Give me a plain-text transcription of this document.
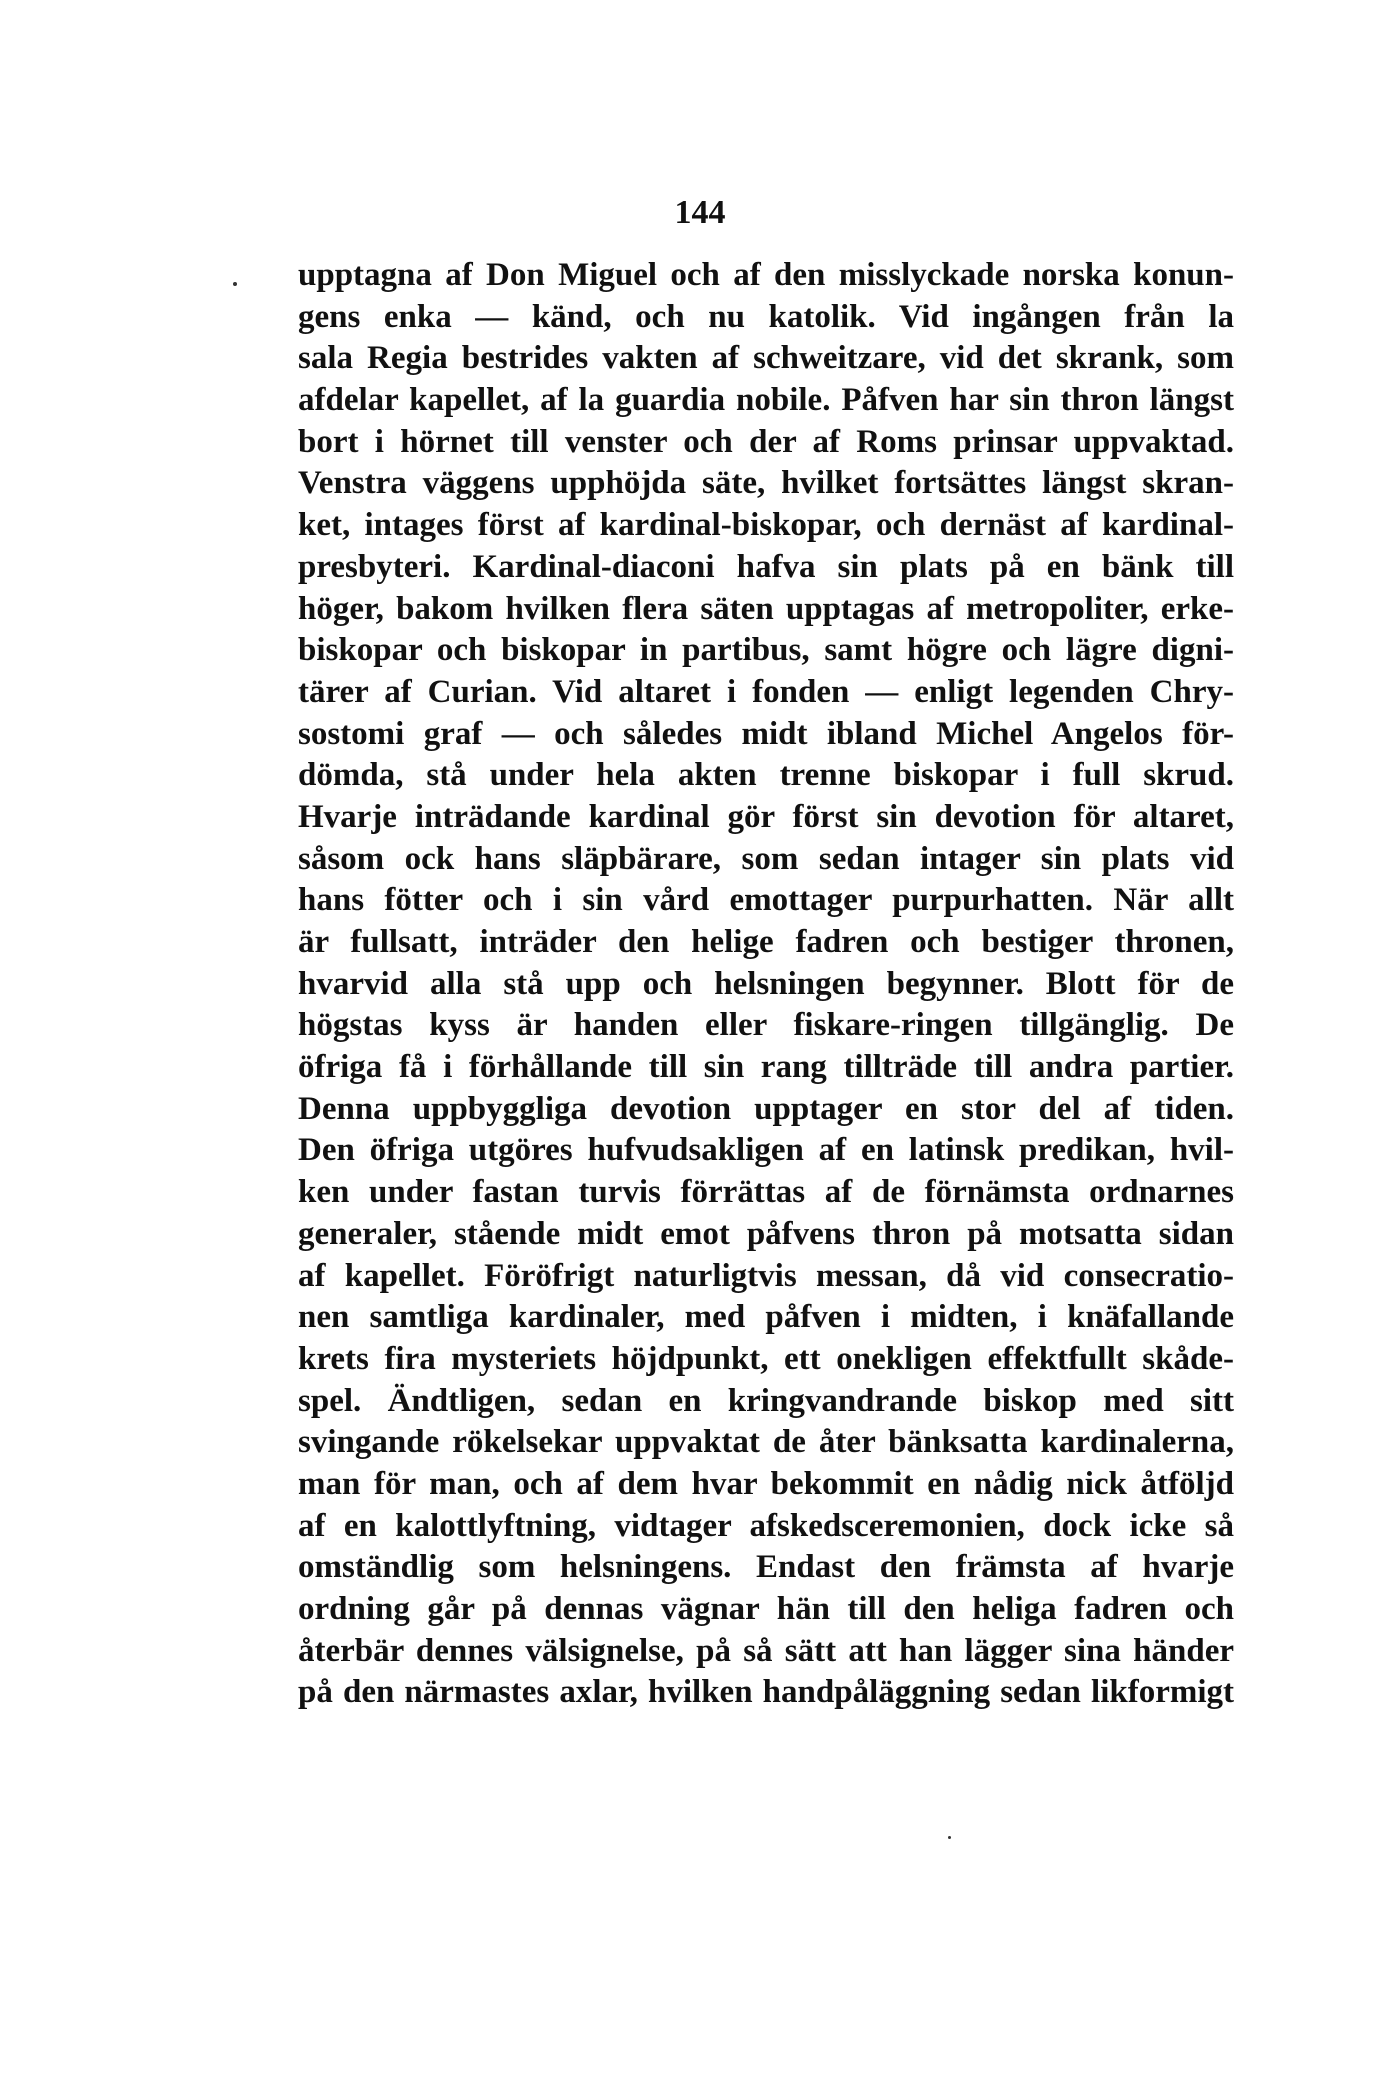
144
upptagna af Don Miguel och af den misslyckade norska konun-
gens enka — känd, och nu katolik. Vid ingången från la
sala Regia bestrides vakten af schweitzare, vid det skrank, som
afdelar kapellet, af la guardia nobile. Påfven har sin thron längst
bort i hörnet till venster och der af Roms prinsar uppvaktad.
Venstra väggens upphöjda säte, hvilket fortsättes längst skran-
ket, intages först af kardinal-biskopar, och dernäst af kardinal-
presbyteri. Kardinal-diaconi hafva sin plats på en bänk till
höger, bakom hvilken flera säten upptagas af metropoliter, erke-
biskopar och biskopar in partibus, samt högre och lägre digni-
tärer af Curian. Vid altaret i fonden — enligt legenden Chry-
sostomi graf — och således midt ibland Michel Angelos för-
dömda, stå under hela akten trenne biskopar i full skrud.
Hvarje inträdande kardinal gör först sin devotion för altaret,
såsom ock hans släpbärare, som sedan intager sin plats vid
hans fötter och i sin vård emottager purpurhatten. När allt
är fullsatt, inträder den helige fadren och bestiger thronen,
hvarvid alla stå upp och helsningen begynner. Blott för de
högstas kyss är handen eller fiskare-ringen tillgänglig. De
öfriga få i förhållande till sin rang tillträde till andra partier.
Denna uppbyggliga devotion upptager en stor del af tiden.
Den öfriga utgöres hufvudsakligen af en latinsk predikan, hvil-
ken under fastan turvis förrättas af de förnämsta ordnarnes
generaler, stående midt emot påfvens thron på motsatta sidan
af kapellet. Föröfrigt naturligtvis messan, då vid consecratio-
nen samtliga kardinaler, med påfven i midten, i knäfallande
krets fira mysteriets höjdpunkt, ett onekligen effektfullt skåde-
spel. Ändtligen, sedan en kringvandrande biskop med sitt
svingande rökelsekar uppvaktat de åter bänksatta kardinalerna,
man för man, och af dem hvar bekommit en nådig nick åtföljd
af en kalottlyftning, vidtager afskedsceremonien, dock icke så
omständlig som helsningens. Endast den främsta af hvarje
ordning går på dennas vägnar hän till den heliga fadren och
återbär dennes välsignelse, på så sätt att han lägger sina händer
på den närmastes axlar, hvilken handpåläggning sedan likformigt
